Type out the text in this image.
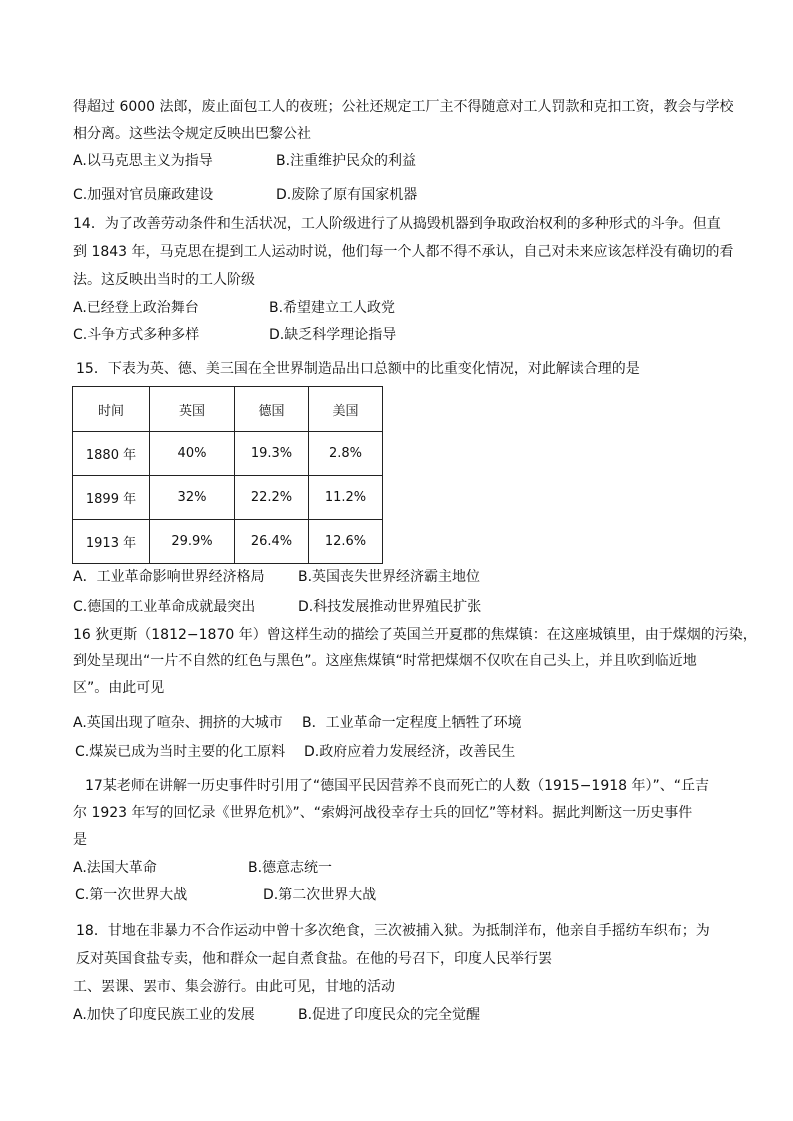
得超过 6000 法郎，废止面包工人的夜班；公社还规定工厂主不得随意对工人罚款和克扣工资，教会与学校
相分离。这些法令规定反映出巴黎公社
A.以马克思主义为指导	B.注重维护民众的利益
C.加强对官员廉政建设	D.废除了原有国家机器
14．为了改善劳动条件和生活状况，工人阶级进行了从捣毁机器到争取政治权利的多种形式的斗争。但直
到 1843 年，马克思在提到工人运动时说，他们每一个人都不得不承认，自己对未来应该怎样没有确切的看
法。这反映出当时的工人阶级
A.已经登上政治舞台	B.希望建立工人政党
C.斗争方式多种多样	D.缺乏科学理论指导
15．下表为英、德、美三国在全世界制造品出口总额中的比重变化情况，对此解读合理的是
时间	英国	德国	美国
1880 年	40%	19.3%	2.8%
1899 年	32%	22.2%	11.2%
1913 年	29.9%	26.4%	12.6%
A．工业革命影响世界经济格局 B.英国丧失世界经济霸主地位
C.德国的工业革命成就最突出	D.科技发展推动世界殖民扩张
16 狄更斯（1812−1870 年）曾这样生动的描绘了英国兰开夏郡的焦煤镇：在这座城镇里，由于煤烟的污染，
到处呈现出“一片不自然的红色与黑色”。这座焦煤镇“时常把煤烟不仅吹在自己头上，并且吹到临近地
区”。由此可见
A.英国出现了喧杂、拥挤的大城市 B．工业革命一定程度上牺牲了环境
C.煤炭已成为当时主要的化工原料 D.政府应着力发展经济，改善民生
17某老师在讲解一历史事件时引用了“德国平民因营养不良而死亡的人数（1915−1918 年）”、“丘吉
尔 1923 年写的回忆录《世界危机》”、“索姆河战役幸存士兵的回忆”等材料。据此判断这一历史事件
是
A.法国大革命	B.德意志统一
C.第一次世界大战	D.第二次世界大战
18．甘地在非暴力不合作运动中曾十多次绝食，三次被捕入狱。为抵制洋布，他亲自手摇纺车织布；为
反对英国食盐专卖，他和群众一起自煮食盐。在他的号召下，印度人民举行罢
工、罢课、罢市、集会游行。由此可见，甘地的活动
A.加快了印度民族工业的发展	B.促进了印度民众的完全觉醒
